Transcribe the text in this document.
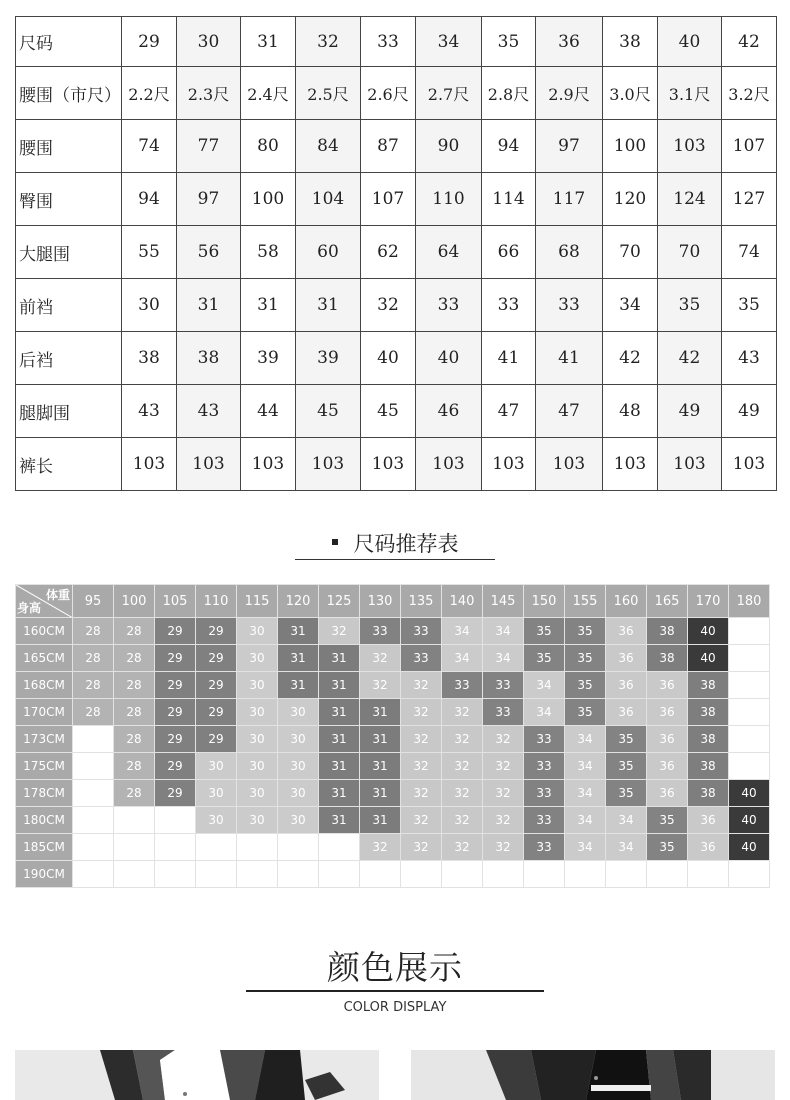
尺码	29	30	31	32	33	34	35	36	38	40	42
腰围（市尺）	2.2尺	2.3尺	2.4尺	2.5尺	2.6尺	2.7尺	2.8尺	2.9尺	3.0尺	3.1尺	3.2尺
腰围	74	77	80	84	87	90	94	97	100	103	107
臀围	94	97	100	104	107	110	114	117	120	124	127
大腿围	55	56	58	60	62	64	66	68	70	70	74
前裆	30	31	31	31	32	33	33	33	34	35	35
后裆	38	38	39	39	40	40	41	41	42	42	43
腿脚围	43	43	44	45	45	46	47	47	48	49	49
裤长	103	103	103	103	103	103	103	103	103	103	103
尺码推荐表
体重
身高	95	100	105	110	115	120	125	130	135	140	145	150	155	160	165	170	180
160CM	28	28	29	29	30	31	32	33	33	34	34	35	35	36	38	40	
165CM	28	28	29	29	30	31	31	32	33	34	34	35	35	36	38	40	
168CM	28	28	29	29	30	31	31	32	32	33	33	34	35	36	36	38	
170CM	28	28	29	29	30	30	31	31	32	32	33	34	35	36	36	38	
173CM		28	29	29	30	30	31	31	32	32	32	33	34	35	36	38	
175CM		28	29	30	30	30	31	31	32	32	32	33	34	35	36	38	
178CM		28	29	30	30	30	31	31	32	32	32	33	34	35	36	38	40
180CM				30	30	30	31	31	32	32	32	33	34	34	35	36	40
185CM								32	32	32	32	33	34	34	35	36	40
190CM																	
颜色展示
COLOR DISPLAY
